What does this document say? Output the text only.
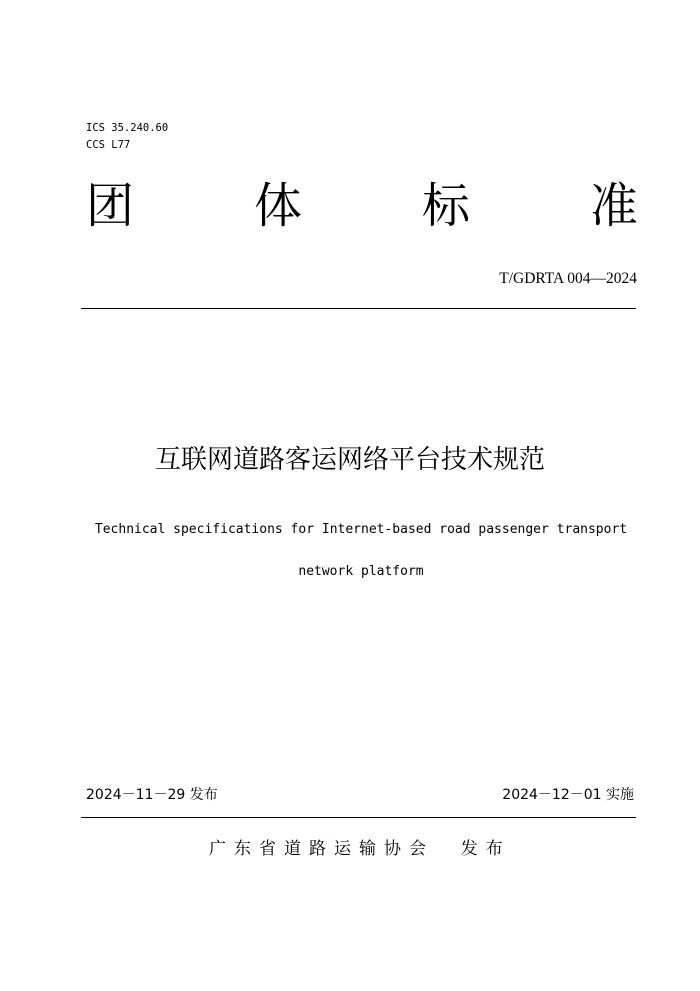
ICS 35.240.60
CCS L77
团 体 标 准
T/GDRTA 004—2024
互联网道路客运网络平台技术规范

Technical specifications for Internet-based road passenger transport

network platform

2024－11－29 发布	2024－12－01 实施
广东省道路运输协会  发布
